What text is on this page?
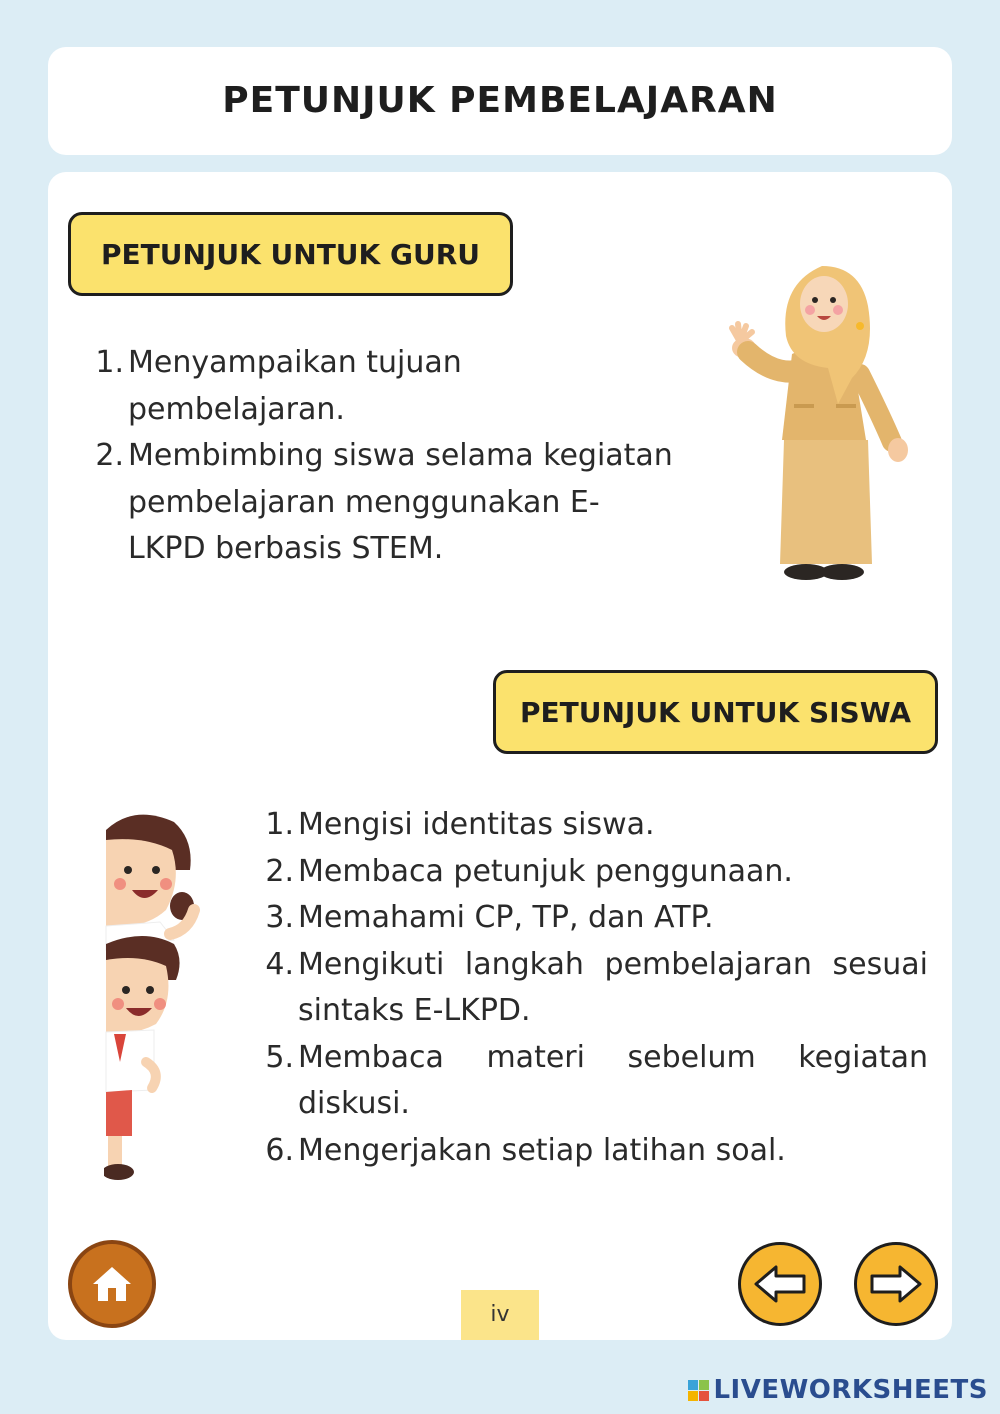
PETUNJUK PEMBELAJARAN
PETUNJUK UNTUK GURU
1. Menyampaikan tujuan
pembelajaran.
2. Membimbing siswa selama kegiatan
pembelajaran menggunakan E-
LKPD berbasis STEM.
PETUNJUK UNTUK SISWA
1. Mengisi identitas siswa.
2. Membaca petunjuk penggunaan.
3. Memahami CP, TP, dan ATP.
4. Mengikuti langkah pembelajaran sesuai sintaks E-LKPD.
5. Membaca materi sebelum kegiatan diskusi.
6. Mengerjakan setiap latihan soal.
iv
LIVEWORKSHEETS
